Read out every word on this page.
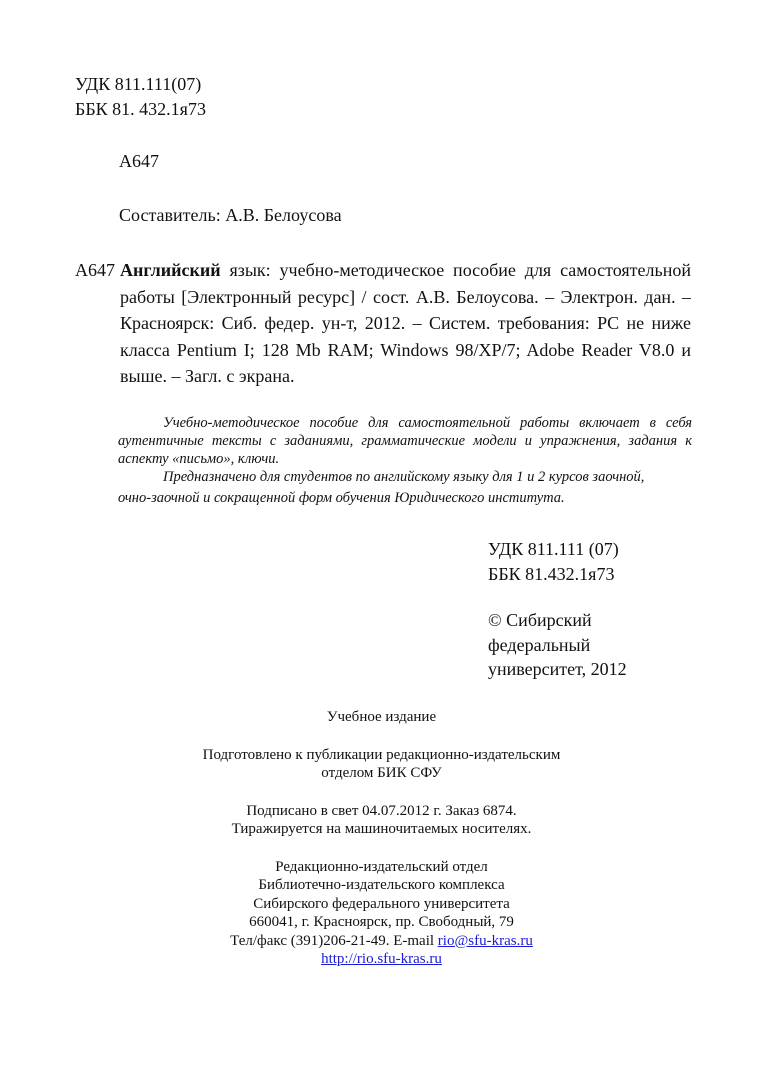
УДК 811.111(07)
ББК 81. 432.1я73
А647
Составитель: А.В. Белоусова
А647 Английский язык: учебно-методическое пособие для самостоятельной
работы [Электронный ресурс] / сост. А.В. Белоусова. – Электрон. дан. –
Красноярск: Сиб. федер. ун-т, 2012. – Систем. требования: PC не ниже
класса Pentium I; 128 Mb RAM; Windows 98/XP/7; Adobe Reader V8.0 и
выше. – Загл. с экрана.
Учебно-методическое пособие для самостоятельной работы включает в себя
аутентичные тексты с заданиями, грамматические модели и упражнения, задания к
аспекту «письмо», ключи.
Предназначено для студентов по английскому языку для 1 и 2 курсов заочной,
очно-заочной и сокращенной форм обучения Юридического института.
УДК 811.111 (07)
ББК 81.432.1я73
© Сибирский
федеральный
университет, 2012
Учебное издание
Подготовлено к публикации редакционно-издательским
отделом БИК СФУ
Подписано в свет 04.07.2012 г. Заказ 6874.
Тиражируется на машиночитаемых носителях.
Редакционно-издательский отдел
Библиотечно-издательского комплекса
Сибирского федерального университета
660041, г. Красноярск, пр. Свободный, 79
Тел/факс (391)206-21-49. E-mail rio@sfu-kras.ru
http://rio.sfu-kras.ru
